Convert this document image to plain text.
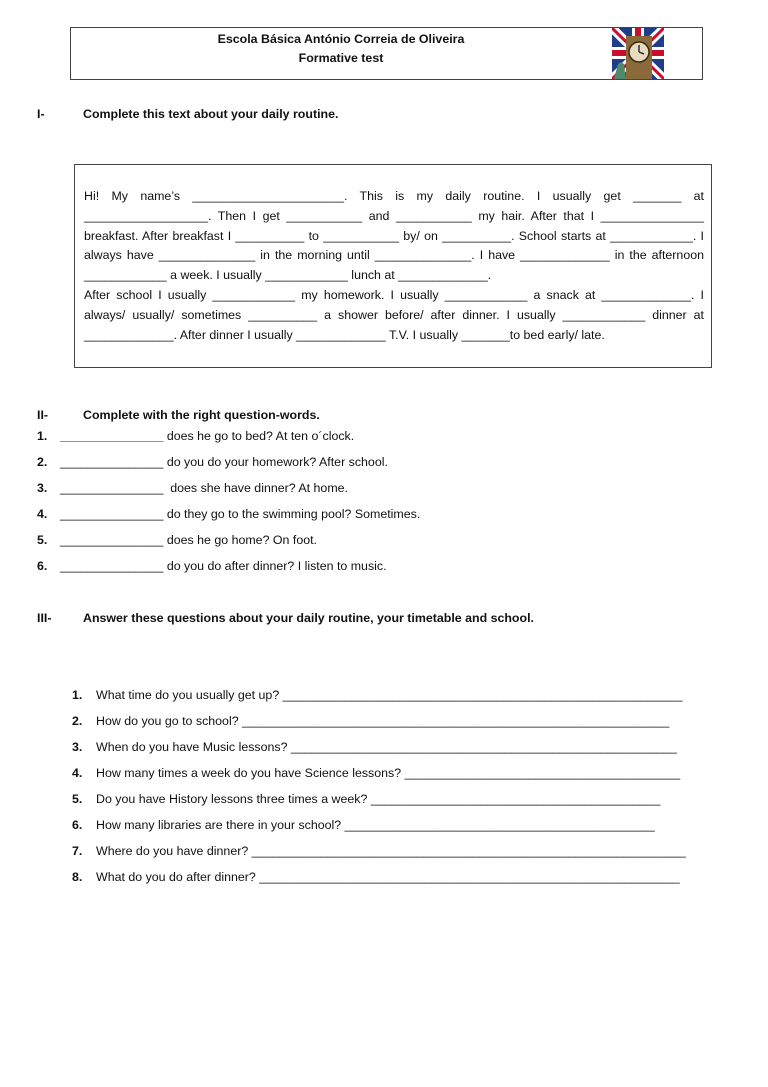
Escola Básica António Correia de Oliveira
Formative test
I-	Complete this text about your daily routine.

Hi! My name’s ______________________. This is my daily routine. I usually get _______ at __________________. Then I get ___________ and ___________ my hair. After that I _______________ breakfast. After breakfast I __________ to ___________ by/ on __________. School starts at ____________. I always have ______________ in the morning until ______________. I have _____________ in the afternoon ____________ a week. I usually ____________ lunch at _____________.

After school I usually ____________ my homework. I usually ____________ a snack at _____________. I always/ usually/ sometimes __________ a shower before/ after dinner. I usually ____________ dinner at _____________. After dinner I usually _____________ T.V. I usually _______to bed early/ late.

II-	Complete with the right question-words.
1. _______________ does he go to bed? At ten o´clock.
2. _______________ do you do your homework? After school.
3. _______________  does she have dinner? At home.
4. _______________ do they go to the swimming pool? Sometimes.
5. _______________ does he go home? On foot.
6. _______________ do you do after dinner? I listen to music.
III-	Answer these questions about your daily routine, your timetable and school.
1. What time do you usually get up? __________________________________________________________
2. How do you go to school? ______________________________________________________________
3. When do you have Music lessons? ________________________________________________________
4. How many times a week do you have Science lessons? ________________________________________
5. Do you have History lessons three times a week? __________________________________________
6. How many libraries are there in your school? _____________________________________________
7. Where do you have dinner? _______________________________________________________________
8. What do you do after dinner? _____________________________________________________________
